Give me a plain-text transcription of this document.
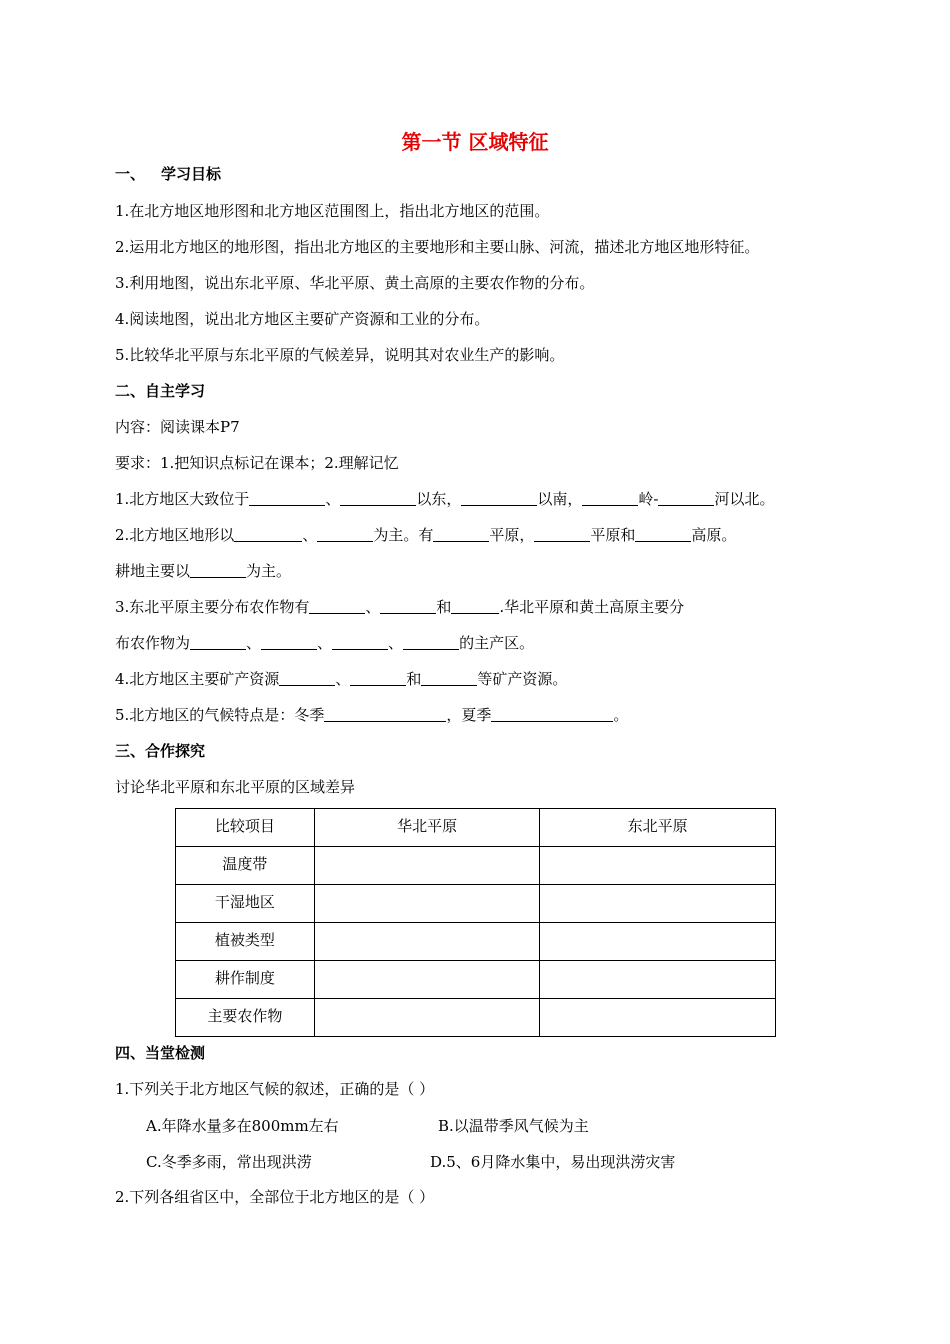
第一节 区域特征
一、 学习目标
1.在北方地区地形图和北方地区范围图上，指出北方地区的范围。
2.运用北方地区的地形图，指出北方地区的主要地形和主要山脉、河流，描述北方地区地形特征。
3.利用地图，说出东北平原、华北平原、黄土高原的主要农作物的分布。
4.阅读地图，说出北方地区主要矿产资源和工业的分布。
5.比较华北平原与东北平原的气候差异，说明其对农业生产的影响。
二、自主学习
内容：阅读课本P7
要求：1.把知识点标记在课本；2.理解记忆
1.北方地区大致位于	、	以东，	以南，	岭-	河以北。
2.北方地区地形以	、	为主。有	平原，	平原和	高原。
耕地主要以	为主。
3.东北平原主要分布农作物有	、	和	.华北平原和黄土高原主要分
布农作物为	、	、	、	的主产区。
4.北方地区主要矿产资源	、	和	等矿产资源。
5.北方地区的气候特点是：冬季	，夏季	。
三、合作探究
讨论华北平原和东北平原的区域差异
比较项目	华北平原	东北平原

温度带		

干湿地区		

植被类型		

耕作制度		

主要农作物		

四、当堂检测
1.下列关于北方地区气候的叙述，正确的是（ ）
A.年降水量多在800mm左右	B.以温带季风气候为主
C.冬季多雨，常出现洪涝	D.5、6月降水集中，易出现洪涝灾害
2.下列各组省区中，全部位于北方地区的是（ ）
